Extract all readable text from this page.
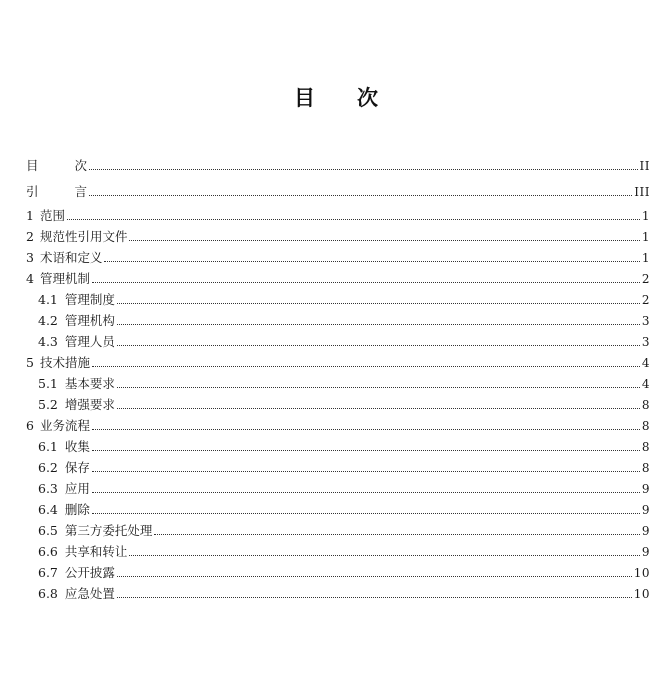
目 次
目	次	II
引	言	III
1 范围	1
2 规范性引用文件	1
3 术语和定义	1
4 管理机制	2
4.1 管理制度	2
4.2 管理机构	3
4.3 管理人员	3
5 技术措施	4
5.1 基本要求	4
5.2 增强要求	8
6 业务流程	8
6.1 收集	8
6.2 保存	8
6.3 应用	9
6.4 删除	9
6.5 第三方委托处理	9
6.6 共享和转让	9
6.7 公开披露	10
6.8 应急处置	10
